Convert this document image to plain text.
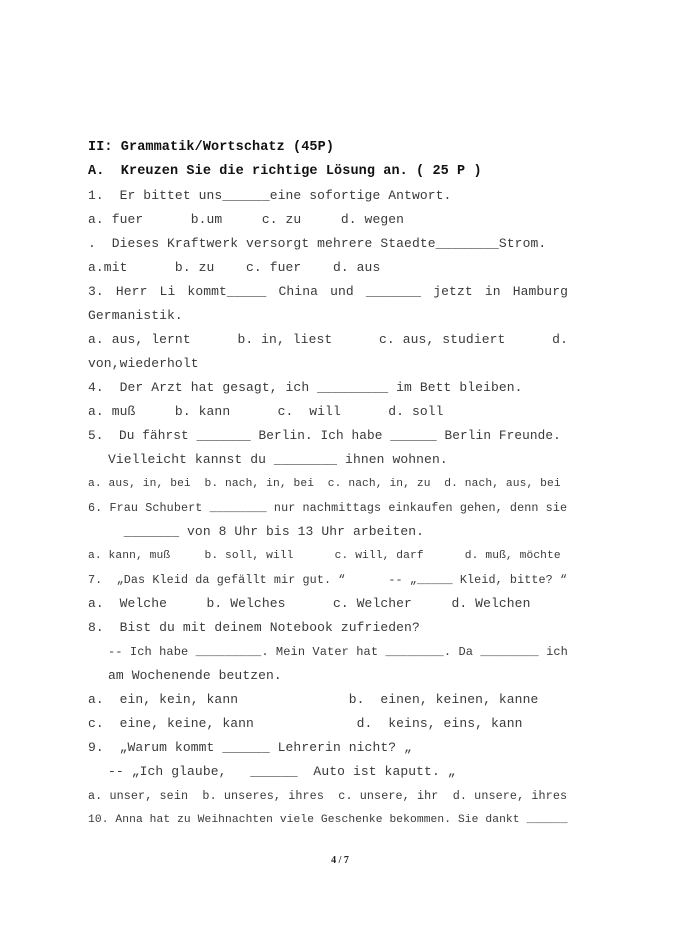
II: Grammatik/Wortschatz (45P)
A.  Kreuzen Sie die richtige Lösung an. ( 25 P )
1.  Er bittet uns______eine sofortige Antwort.
a. fuer      b.um     c. zu     d. wegen
.  Dieses Kraftwerk versorgt mehrere Staedte________Strom.
a.mit      b. zu    c. fuer    d. aus
3. Herr Li kommt_____ China und _______ jetzt in Hamburg
Germanistik.
a. aus, lernt	b. in, liest	c. aus, studiert	d.
von,wiederholt
4.  Der Arzt hat gesagt, ich _________ im Bett bleiben.
a. muß     b. kann      c.  will      d. soll
5.  Du fährst _______ Berlin. Ich habe ______ Berlin Freunde.
Vielleicht kannst du ________ ihnen wohnen.
a. aus, in, bei  b. nach, in, bei  c. nach, in, zu  d. nach, aus, bei
6. Frau Schubert ________ nur nachmittags einkaufen gehen, denn sie
_______ von 8 Uhr bis 13 Uhr arbeiten.
a. kann, muß     b. soll, will      c. will, darf      d. muß, möchte
7.  „Das Kleid da gefällt mir gut. “      -- „_____ Kleid, bitte? “
a.  Welche     b. Welches      c. Welcher     d. Welchen
8.  Bist du mit deinem Notebook zufrieden?
-- Ich habe _________. Mein Vater hat ________. Da ________ ich
am Wochenende beutzen.
a.  ein, kein, kann              b.  einen, keinen, kanne
c.  eine, keine, kann             d.  keins, eins, kann
9.  „Warum kommt ______ Lehrerin nicht? „
-- „Ich glaube,   ______  Auto ist kaputt. „
a. unser, sein  b. unseres, ihres  c. unsere, ihr  d. unsere, ihres
10. Anna hat zu Weihnachten viele Geschenke bekommen. Sie dankt ______
4 / 7
